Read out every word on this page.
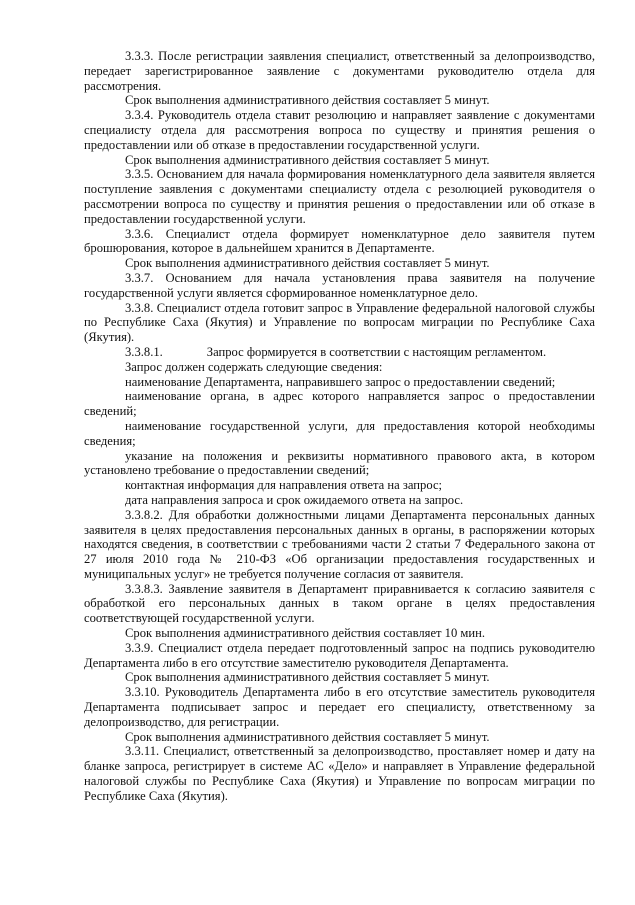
3.3.3. После регистрации заявления специалист, ответственный за делопроизводство, передает зарегистрированное заявление с документами руководителю отдела для рассмотрения.

Срок выполнения административного действия составляет 5 минут.

3.3.4. Руководитель отдела ставит резолюцию и направляет заявление с документами специалисту отдела для рассмотрения вопроса по существу и принятия решения о предоставлении или об отказе в предоставлении государственной услуги.

Срок выполнения административного действия составляет 5 минут.

3.3.5. Основанием для начала формирования номенклатурного дела заявителя является поступление заявления с документами специалисту отдела с резолюцией руководителя о рассмотрении вопроса по существу и принятия решения о предоставлении или об отказе в предоставлении государственной услуги.

3.3.6. Специалист отдела формирует номенклатурное дело заявителя путем брошюрования, которое в дальнейшем хранится в Департаменте.

Срок выполнения административного действия составляет 5 минут.

3.3.7. Основанием для начала установления права заявителя на получение государственной услуги является сформированное номенклатурное дело.

3.3.8. Специалист отдела готовит запрос в Управление федеральной налоговой службы по Республике Саха (Якутия) и Управление по вопросам миграции по Республике Саха (Якутия).

3.3.8.1.	Запрос формируется в соответствии с настоящим регламентом.

Запрос должен содержать следующие сведения:

наименование Департамента, направившего запрос о предоставлении сведений;

наименование органа, в адрес которого направляется запрос о предоставлении сведений;

наименование государственной услуги, для предоставления которой необходимы сведения;

указание на положения и реквизиты нормативного правового акта, в котором установлено требование о предоставлении сведений;

контактная информация для направления ответа на запрос;

дата направления запроса и срок ожидаемого ответа на запрос.

3.3.8.2. Для обработки должностными лицами Департамента персональных данных заявителя в целях предоставления персональных данных в органы, в распоряжении которых находятся сведения, в соответствии с требованиями части 2 статьи 7 Федерального закона от 27 июля 2010 года № 210-ФЗ «Об организации предоставления государственных и муниципальных услуг» не требуется получение согласия от заявителя.

3.3.8.3. Заявление заявителя в Департамент приравнивается к согласию заявителя с обработкой его персональных данных в таком органе в целях предоставления соответствующей государственной услуги.

Срок выполнения административного действия составляет 10 мин.

3.3.9. Специалист отдела передает подготовленный запрос на подпись руководителю Департамента либо в его отсутствие заместителю руководителя Департамента.

Срок выполнения административного действия составляет 5 минут.

3.3.10. Руководитель Департамента либо в его отсутствие заместитель руководителя Департамента подписывает запрос и передает его специалисту, ответственному за делопроизводство, для регистрации.

Срок выполнения административного действия составляет 5 минут.

3.3.11. Специалист, ответственный за делопроизводство, проставляет номер и дату на бланке запроса, регистрирует в системе АС «Дело» и направляет в Управление федеральной налоговой службы по Республике Саха (Якутия) и Управление по вопросам миграции по Республике Саха (Якутия).
